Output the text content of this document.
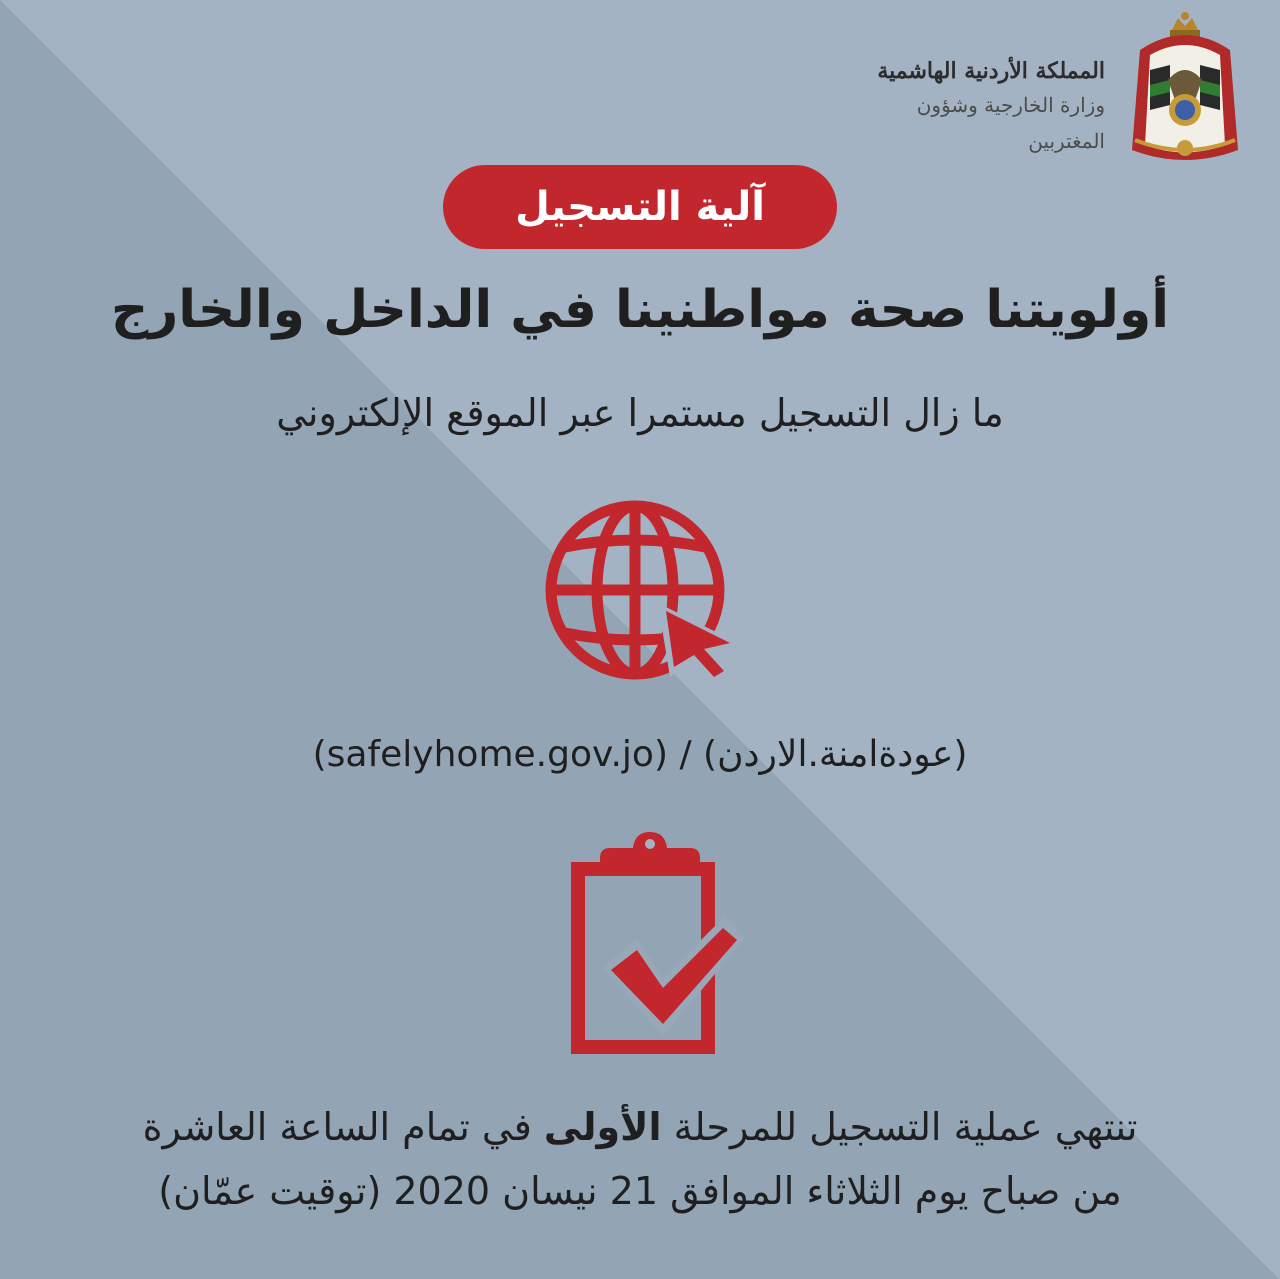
المملكة الأردنية الهاشمية
وزارة الخارجية وشؤون المغتربين
آلية التسجيل
أولويتنا صحة مواطنينا في الداخل والخارج
ما زال التسجيل مستمرا عبر الموقع الإلكتروني
(safelyhome.gov.jo) / (عودةامنة.الاردن)
تنتهي عملية التسجيل للمرحلة الأولى في تمام الساعة العاشرة
من صباح يوم الثلاثاء الموافق 21 نيسان 2020 (توقيت عمّان)
